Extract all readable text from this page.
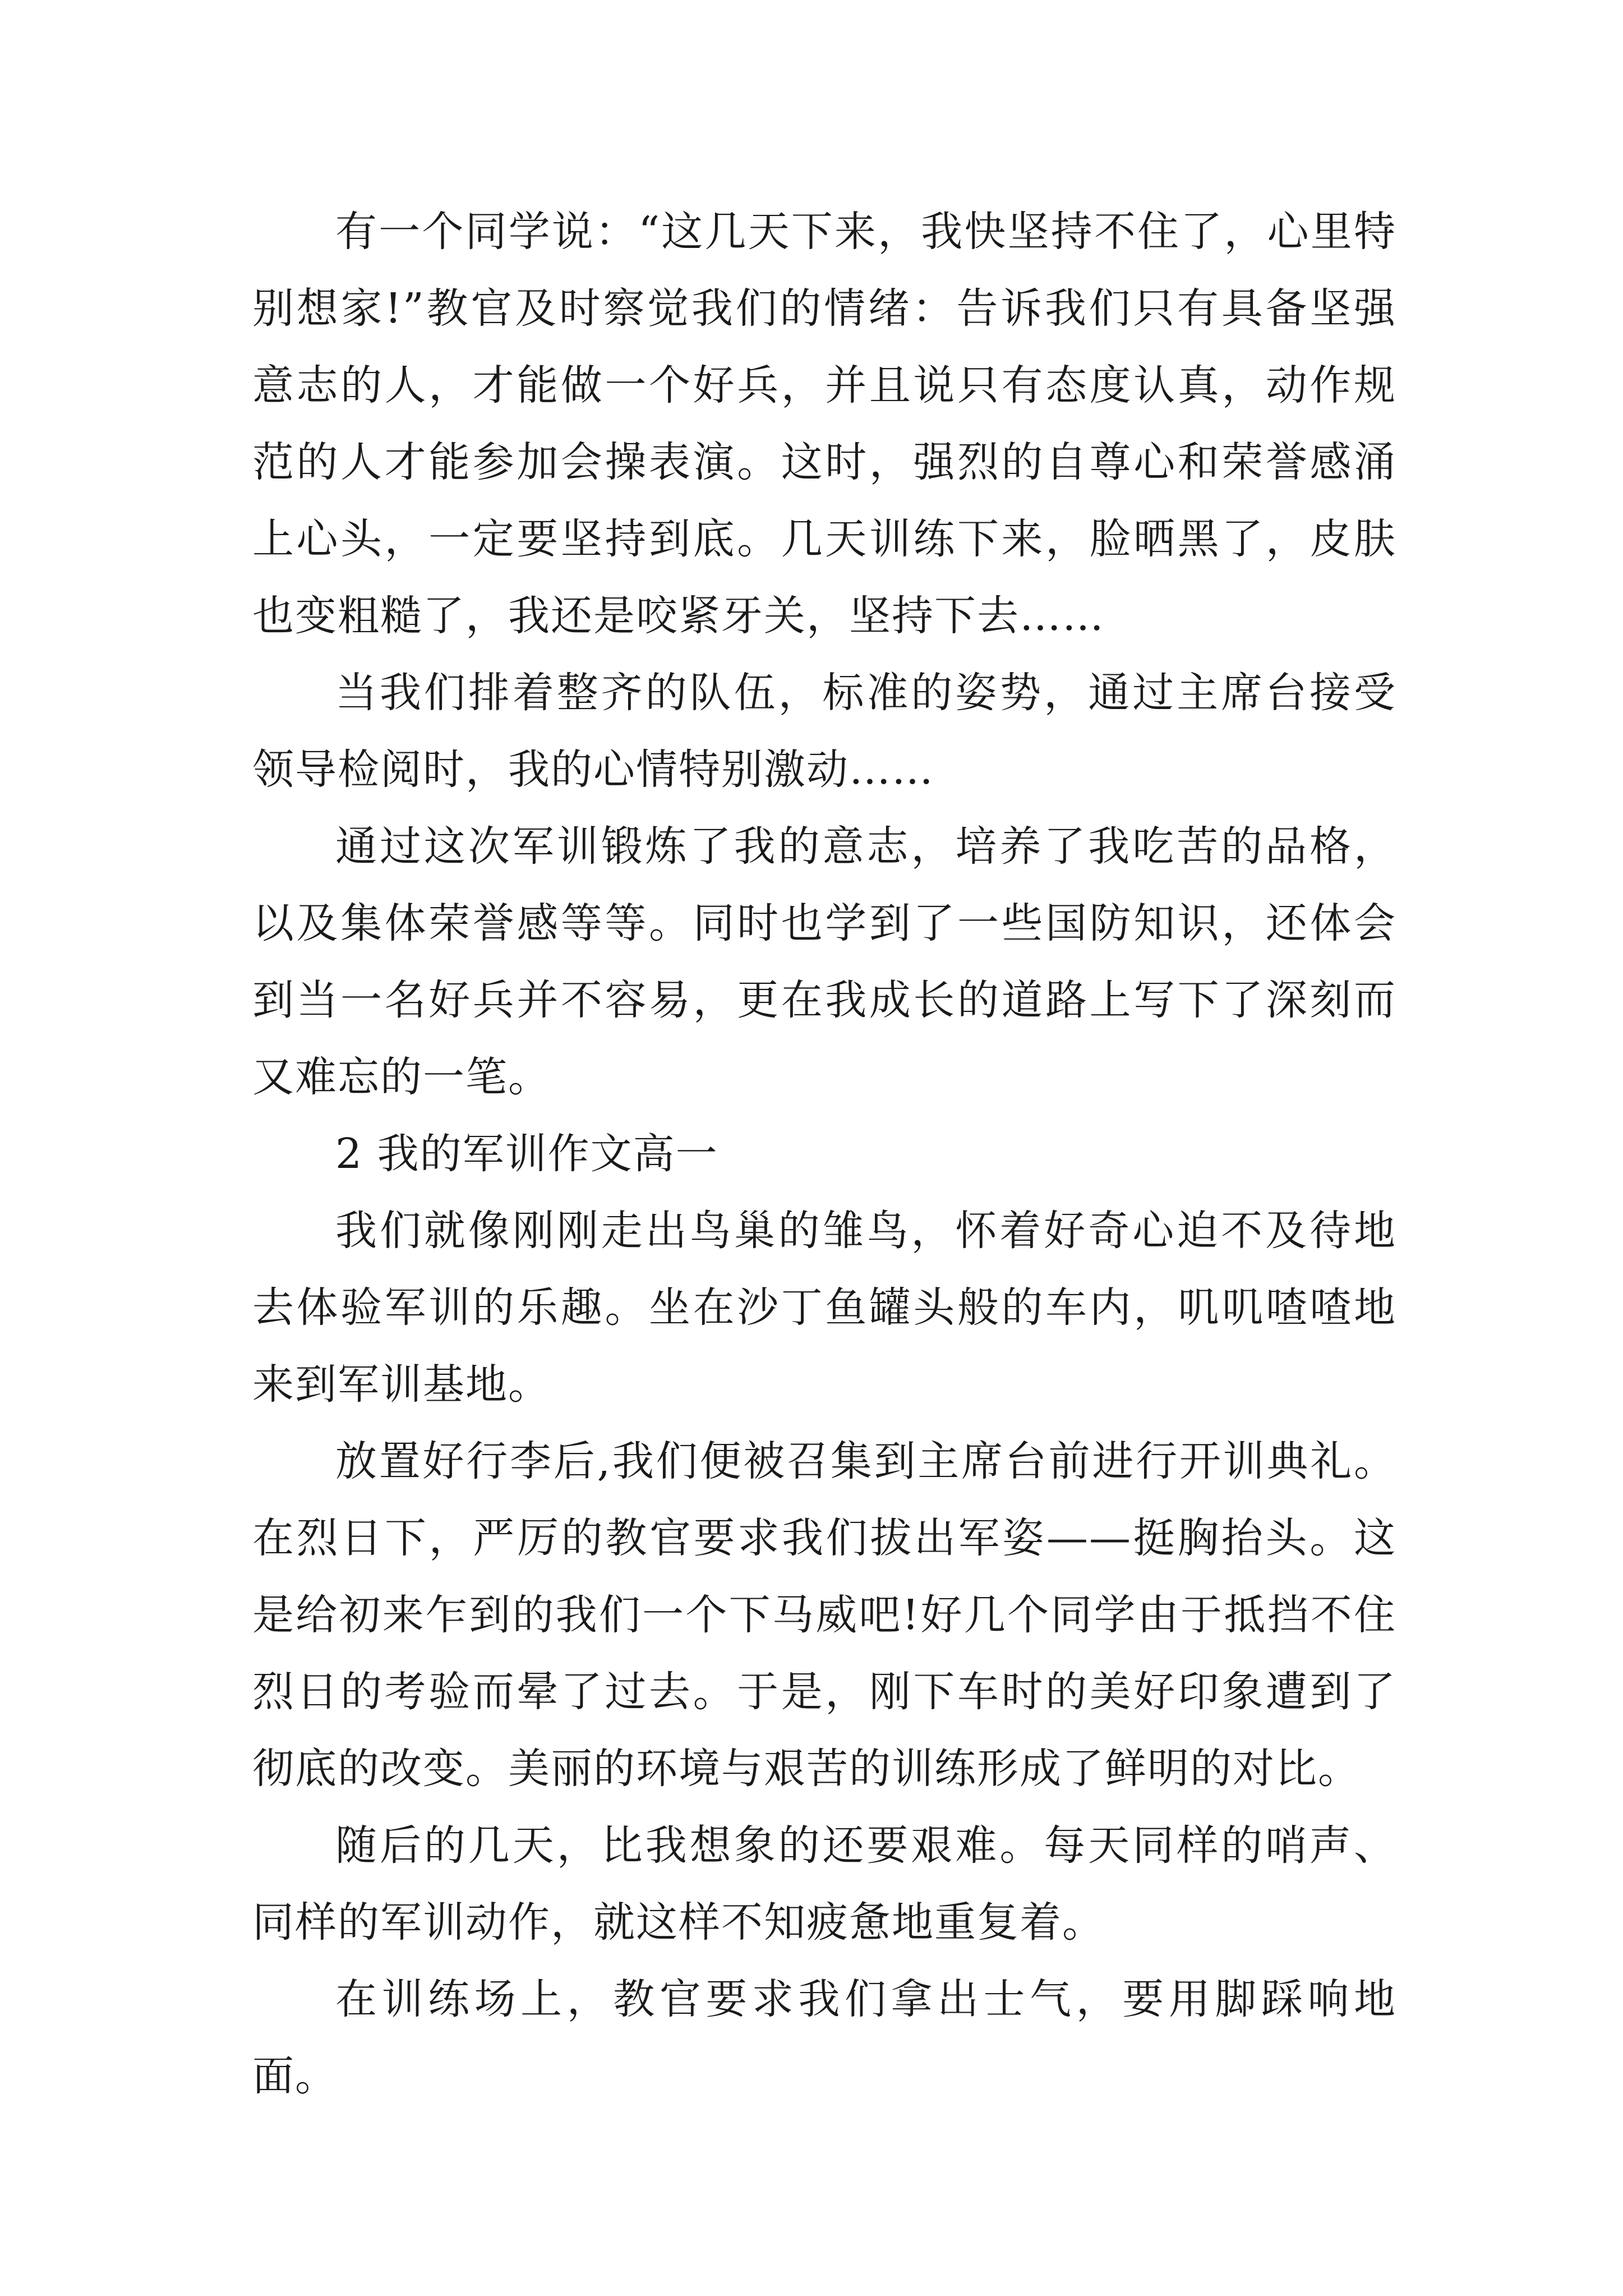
有一个同学说：“这几天下来，我快坚持不住了，心里特别想家!”教官及时察觉我们的情绪：告诉我们只有具备坚强意志的人，才能做一个好兵，并且说只有态度认真，动作规范的人才能参加会操表演。这时，强烈的自尊心和荣誉感涌上心头，一定要坚持到底。几天训练下来，脸晒黑了，皮肤也变粗糙了，我还是咬紧牙关，坚持下去……

当我们排着整齐的队伍，标准的姿势，通过主席台接受领导检阅时，我的心情特别激动……

通过这次军训锻炼了我的意志，培养了我吃苦的品格，以及集体荣誉感等等。同时也学到了一些国防知识，还体会到当一名好兵并不容易，更在我成长的道路上写下了深刻而又难忘的一笔。

2 我的军训作文高一

我们就像刚刚走出鸟巢的雏鸟，怀着好奇心迫不及待地去体验军训的乐趣。坐在沙丁鱼罐头般的车内，叽叽喳喳地来到军训基地。

放置好行李后,我们便被召集到主席台前进行开训典礼。在烈日下，严厉的教官要求我们拔出军姿——挺胸抬头。这是给初来乍到的我们一个下马威吧!好几个同学由于抵挡不住烈日的考验而晕了过去。于是，刚下车时的美好印象遭到了彻底的改变。美丽的环境与艰苦的训练形成了鲜明的对比。

随后的几天，比我想象的还要艰难。每天同样的哨声、同样的军训动作，就这样不知疲惫地重复着。

在训练场上，教官要求我们拿出士气，要用脚踩响地面。
